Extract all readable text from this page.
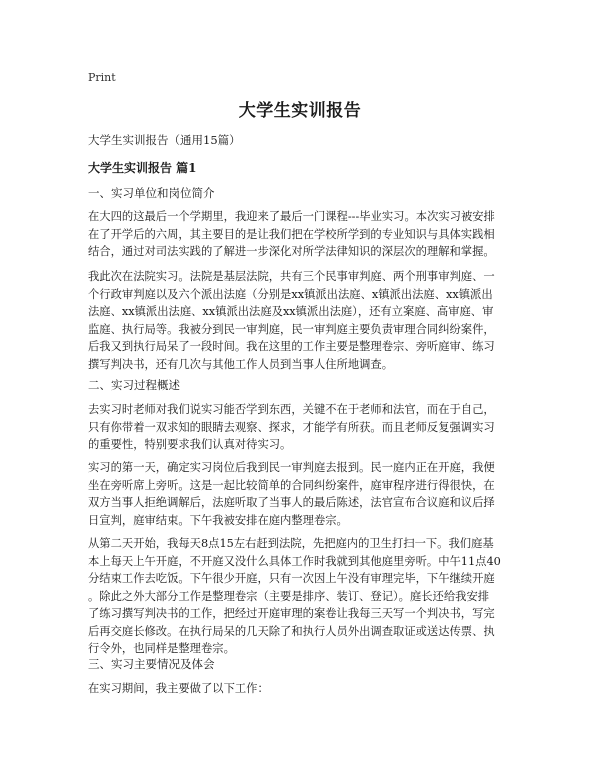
Print
大学生实训报告
大学生实训报告（通用15篇）
大学生实训报告 篇1
一、实习单位和岗位简介
在大四的这最后一个学期里，我迎来了最后一门课程---毕业实习。本次实习被安排
在了开学后的六周，其主要目的是让我们把在学校所学到的专业知识与具体实践相
结合，通过对司法实践的了解进一步深化对所学法律知识的深层次的理解和掌握。
我此次在法院实习。法院是基层法院，共有三个民事审判庭、两个刑事审判庭、一
个行政审判庭以及六个派出法庭（分别是xx镇派出法庭、x镇派出法庭、xx镇派出
法庭、xx镇派出法庭、xx镇派出法庭及xx镇派出法庭），还有立案庭、高审庭、审
监庭、执行局等。我被分到民一审判庭，民一审判庭主要负责审理合同纠纷案件，
后我又到执行局呆了一段时间。我在这里的工作主要是整理卷宗、旁听庭审、练习
撰写判决书，还有几次与其他工作人员到当事人住所地调查。
二、实习过程概述
去实习时老师对我们说实习能否学到东西，关键不在于老师和法官，而在于自己，
只有你带着一双求知的眼睛去观察、探求，才能学有所获。而且老师反复强调实习
的重要性，特别要求我们认真对待实习。
实习的第一天，确定实习岗位后我到民一审判庭去报到。民一庭内正在开庭，我便
坐在旁听席上旁听。这是一起比较简单的合同纠纷案件，庭审程序进行得很快，在
双方当事人拒绝调解后，法庭听取了当事人的最后陈述，法官宣布合议庭和议后择
日宣判，庭审结束。下午我被安排在庭内整理卷宗。
从第二天开始，我每天8点15左右赶到法院，先把庭内的卫生打扫一下。我们庭基
本上每天上午开庭，不开庭又没什么具体工作时我就到其他庭里旁听。中午11点40
分结束工作去吃饭。下午很少开庭，只有一次因上午没有审理完毕，下午继续开庭
。除此之外大部分工作是整理卷宗（主要是排序、装订、登记）。庭长还给我安排
了练习撰写判决书的工作，把经过开庭审理的案卷让我每三天写一个判决书，写完
后再交庭长修改。在执行局呆的几天除了和执行人员外出调查取证或送达传票、执
行令外，也同样是整理卷宗。
三、实习主要情况及体会
在实习期间，我主要做了以下工作：
